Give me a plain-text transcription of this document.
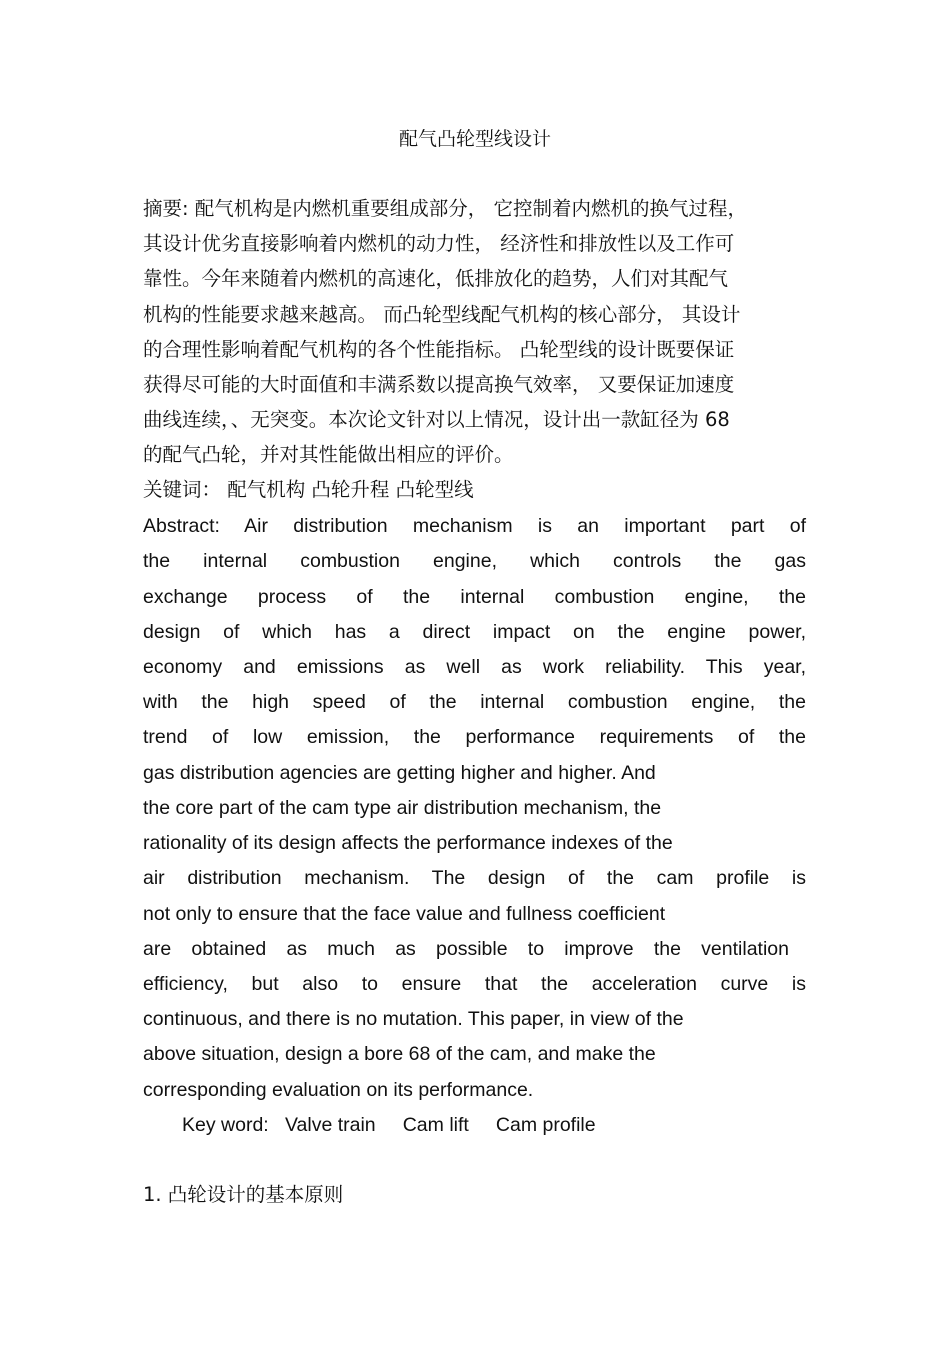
配气凸轮型线设计
摘要: 配气机构是内燃机重要组成部分， 它控制着内燃机的换气过程，
其设计优劣直接影响着内燃机的动力性， 经济性和排放性以及工作可
靠性。今年来随着内燃机的高速化，低排放化的趋势，人们对其配气
机构的性能要求越来越高。 而凸轮型线配气机构的核心部分， 其设计
的合理性影响着配气机构的各个性能指标。 凸轮型线的设计既要保证
获得尽可能的大时面值和丰满系数以提高换气效率， 又要保证加速度
曲线连续，、无突变。本次论文针对以上情况，设计出一款缸径为 68
的配气凸轮，并对其性能做出相应的评价。
关键词： 配气机构 凸轮升程 凸轮型线
Abstract: Air distribution mechanism is an important part of
the internal combustion engine, which controls the gas
exchange process of the internal combustion engine, the
design of which has a direct impact on the engine power,
economy and emissions as well as work reliability. This year,
with the high speed of the internal combustion engine, the
trend of low emission, the performance requirements of the
gas distribution agencies are getting higher and higher. And
the core part of the cam type air distribution mechanism, the
rationality of its design affects the performance indexes of the
air distribution mechanism. The design of the cam profile is
not only to ensure that the face value and fullness coefficient
are obtained as much as possible to improve the ventilation
efficiency, but also to ensure that the acceleration curve is
continuous, and there is no mutation. This paper, in view of the
above situation, design a bore 68 of the cam, and make the
corresponding evaluation on its performance.
Key word:   Valve train     Cam lift     Cam profile
1. 凸轮设计的基本原则
